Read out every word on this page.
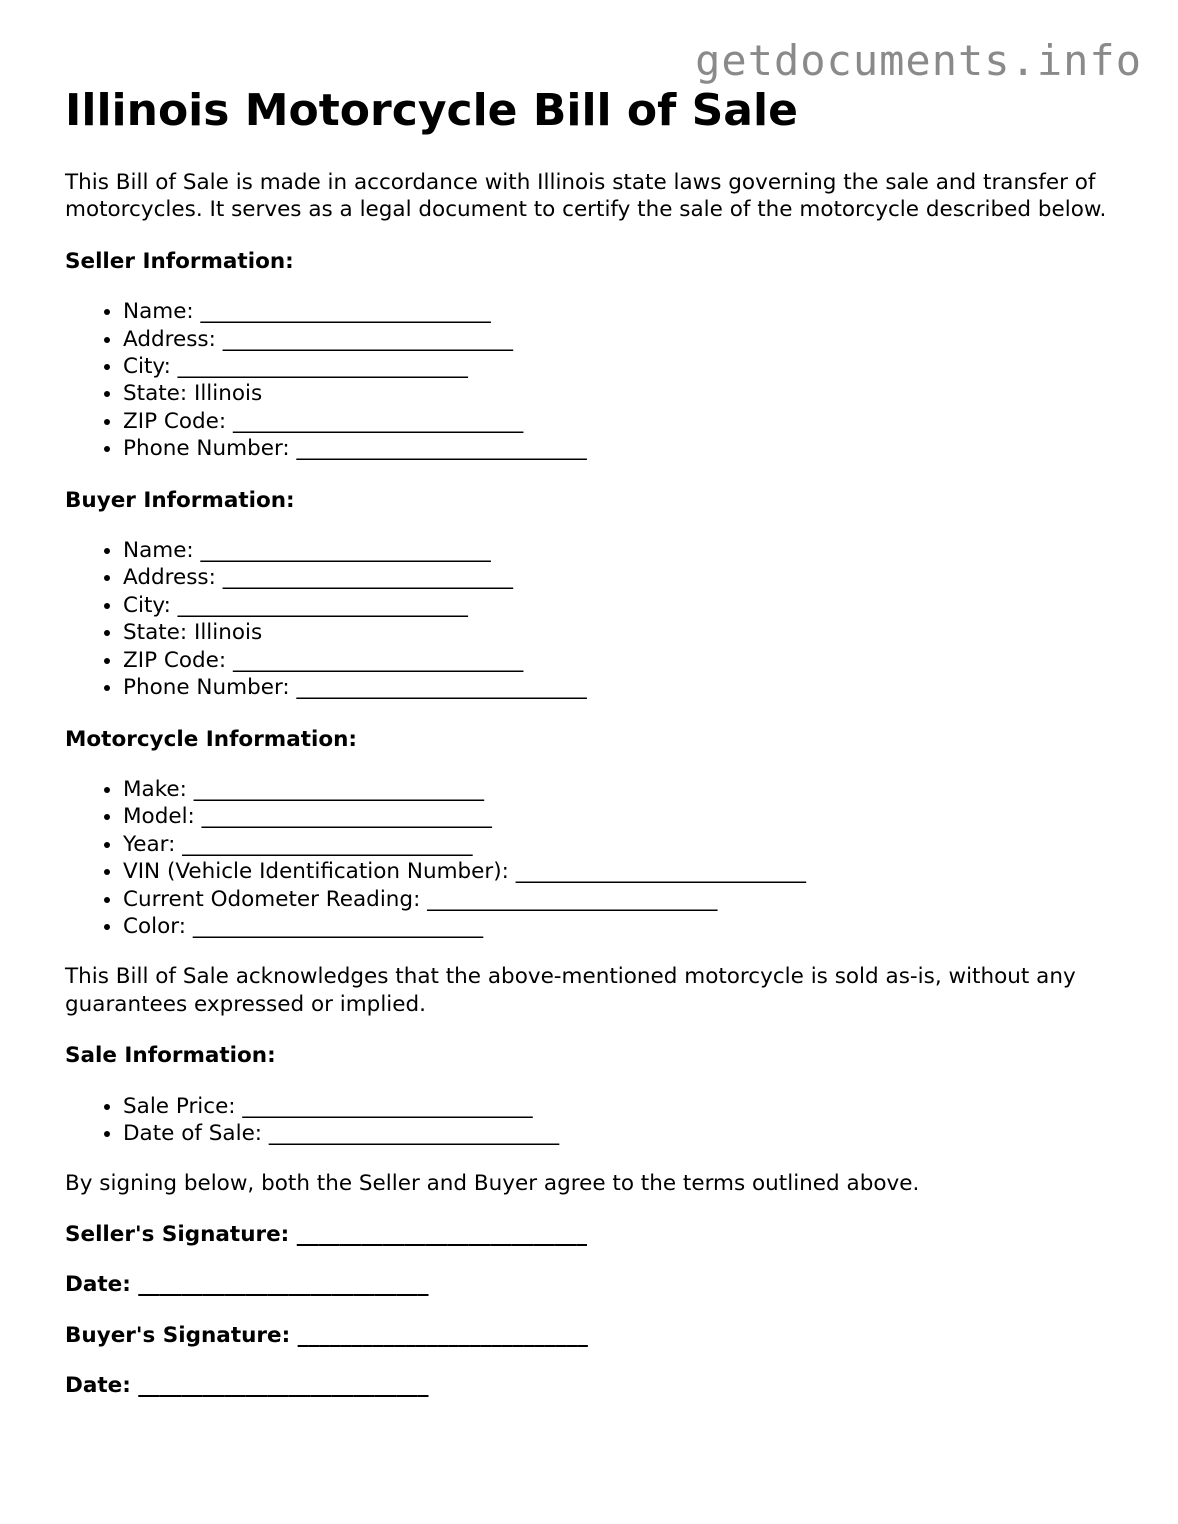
getdocuments.info
Illinois Motorcycle Bill of Sale

This Bill of Sale is made in accordance with Illinois state laws governing the sale and transfer of motorcycles. It serves as a legal document to certify the sale of the motorcycle described below.

Seller Information:

• Name: ___________________________
• Address: ___________________________
• City: ___________________________
• State: Illinois
• ZIP Code: ___________________________
• Phone Number: ___________________________

Buyer Information:

• Name: ___________________________
• Address: ___________________________
• City: ___________________________
• State: Illinois
• ZIP Code: ___________________________
• Phone Number: ___________________________

Motorcycle Information:

• Make: ___________________________
• Model: ___________________________
• Year: ___________________________
• VIN (Vehicle Identification Number): ___________________________
• Current Odometer Reading: ___________________________
• Color: ___________________________

This Bill of Sale acknowledges that the above-mentioned motorcycle is sold as-is, without any guarantees expressed or implied.

Sale Information:

• Sale Price: ___________________________
• Date of Sale: ___________________________

By signing below, both the Seller and Buyer agree to the terms outlined above.

Seller's Signature: ___________________________

Date: ___________________________

Buyer's Signature: ___________________________

Date: ___________________________
